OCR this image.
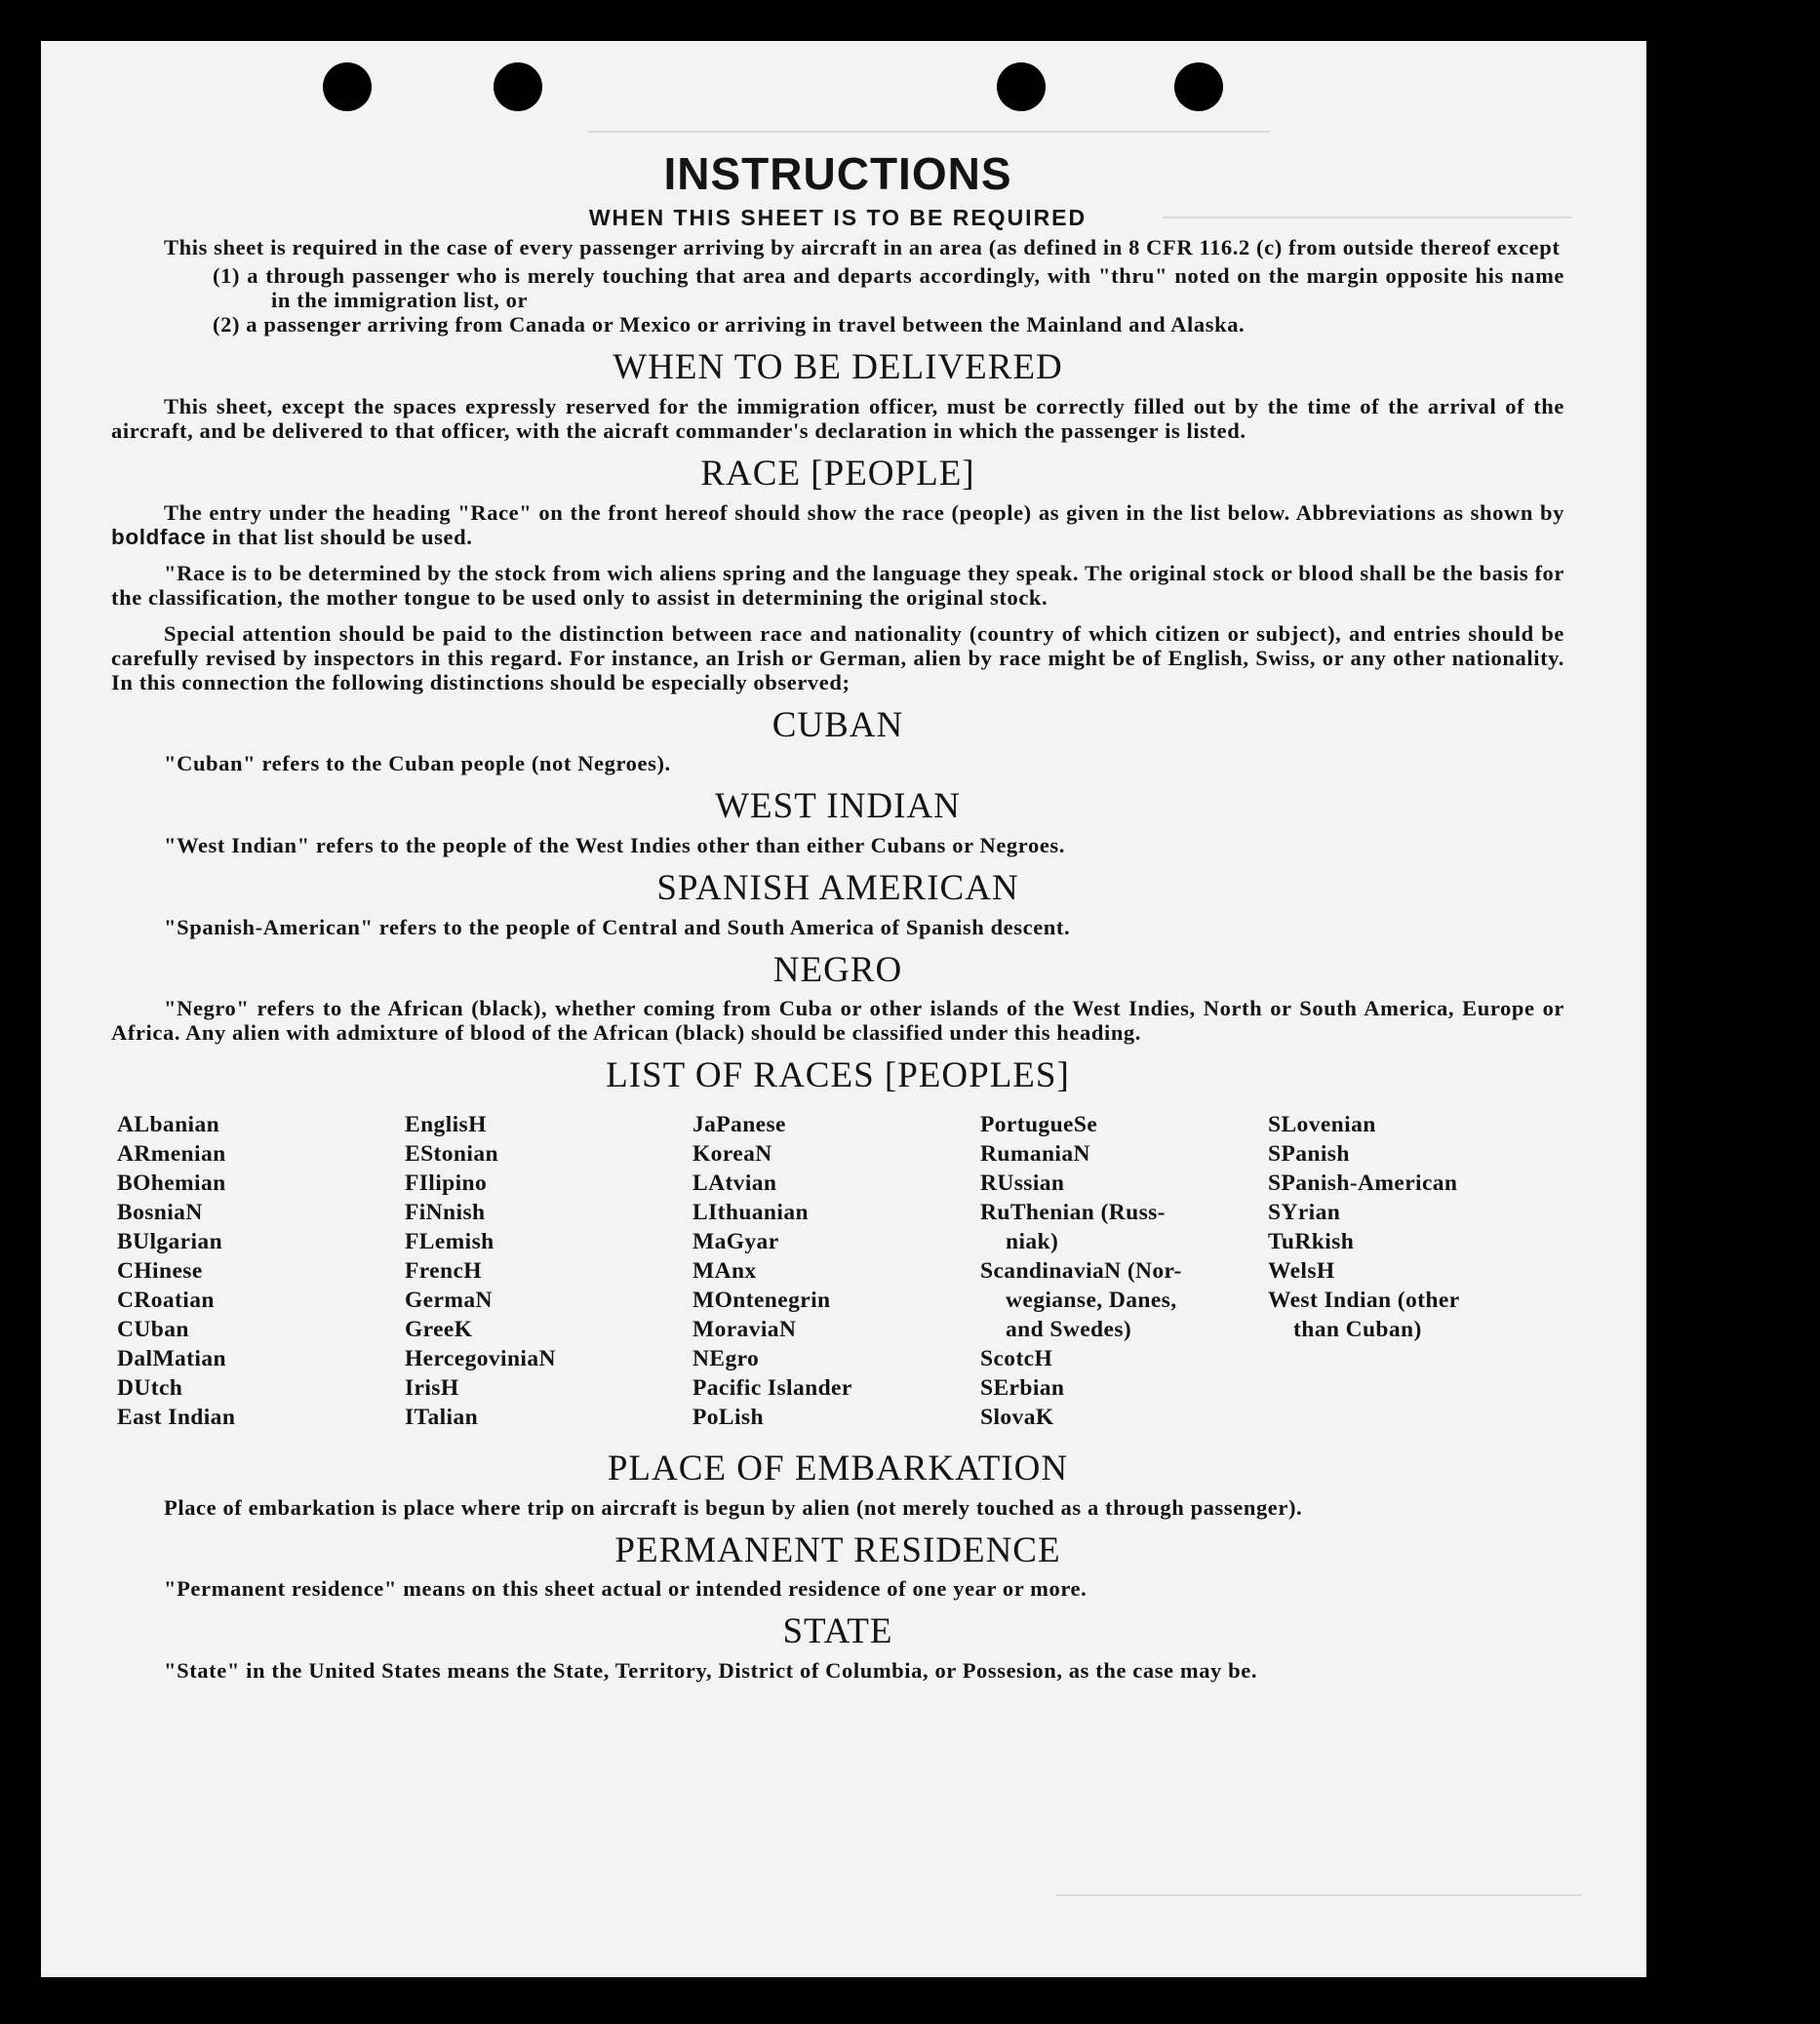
INSTRUCTIONS
WHEN THIS SHEET IS TO BE REQUIRED

This sheet is required in the case of every passenger arriving by aircraft in an area (as defined in 8 CFR 116.2 (c) from outside thereof except

(1) a through passenger who is merely touching that area and departs accordingly, with "thru" noted on the margin opposite his name in the immigration list, or

(2) a passenger arriving from Canada or Mexico or arriving in travel between the Mainland and Alaska.

WHEN TO BE DELIVERED

This sheet, except the spaces expressly reserved for the immigration officer, must be correctly filled out by the time of the arrival of the aircraft, and be delivered to that officer, with the aicraft commander's declaration in which the passenger is listed.

RACE [PEOPLE]

The entry under the heading "Race" on the front hereof should show the race (people) as given in the list below. Abbreviations as shown by boldface in that list should be used.

"Race is to be determined by the stock from wich aliens spring and the language they speak. The original stock or blood shall be the basis for the classification, the mother tongue to be used only to assist in determining the original stock.

Special attention should be paid to the distinction between race and nationality (country of which citizen or subject), and entries should be carefully revised by inspectors in this regard. For instance, an Irish or German, alien by race might be of English, Swiss, or any other nationality. In this connection the following distinctions should be especially observed;

CUBAN

"Cuban" refers to the Cuban people (not Negroes).

WEST INDIAN

"West Indian" refers to the people of the West Indies other than either Cubans or Negroes.

SPANISH AMERICAN

"Spanish-American" refers to the people of Central and South America of Spanish descent.

NEGRO

"Negro" refers to the African (black), whether coming from Cuba or other islands of the West Indies, North or South America, Europe or Africa. Any alien with admixture of blood of the African (black) should be classified under this heading.

LIST OF RACES [PEOPLES]
ALbanian
ARmenian
BOhemian
BosniaN
BUlgarian
CHinese
CRoatian
CUban
DalMatian
DUtch
East Indian
EnglisH
EStonian
FIlipino
FiNnish
FLemish
FrencH
GermaN
GreeK
HercegoviniaN
IrisH
ITalian
JaPanese
KoreaN
LAtvian
LIthuanian
MaGyar
MAnx
MOntenegrin
MoraviaN
NEgro
Pacific Islander
PoLish
PortugueSe
RumaniaN
RUssian
RuThenian (Russ-
niak)
ScandinaviaN (Nor-
wegianse, Danes,
and Swedes)
ScotcH
SErbian
SlovaK
SLovenian
SPanish
SPanish-American
SYrian
TuRkish
WelsH
West Indian (other
than Cuban)
PLACE OF EMBARKATION

Place of embarkation is place where trip on aircraft is begun by alien (not merely touched as a through passenger).

PERMANENT RESIDENCE

"Permanent residence" means on this sheet actual or intended residence of one year or more.

STATE

"State" in the United States means the State, Territory, District of Columbia, or Possesion, as the case may be.
